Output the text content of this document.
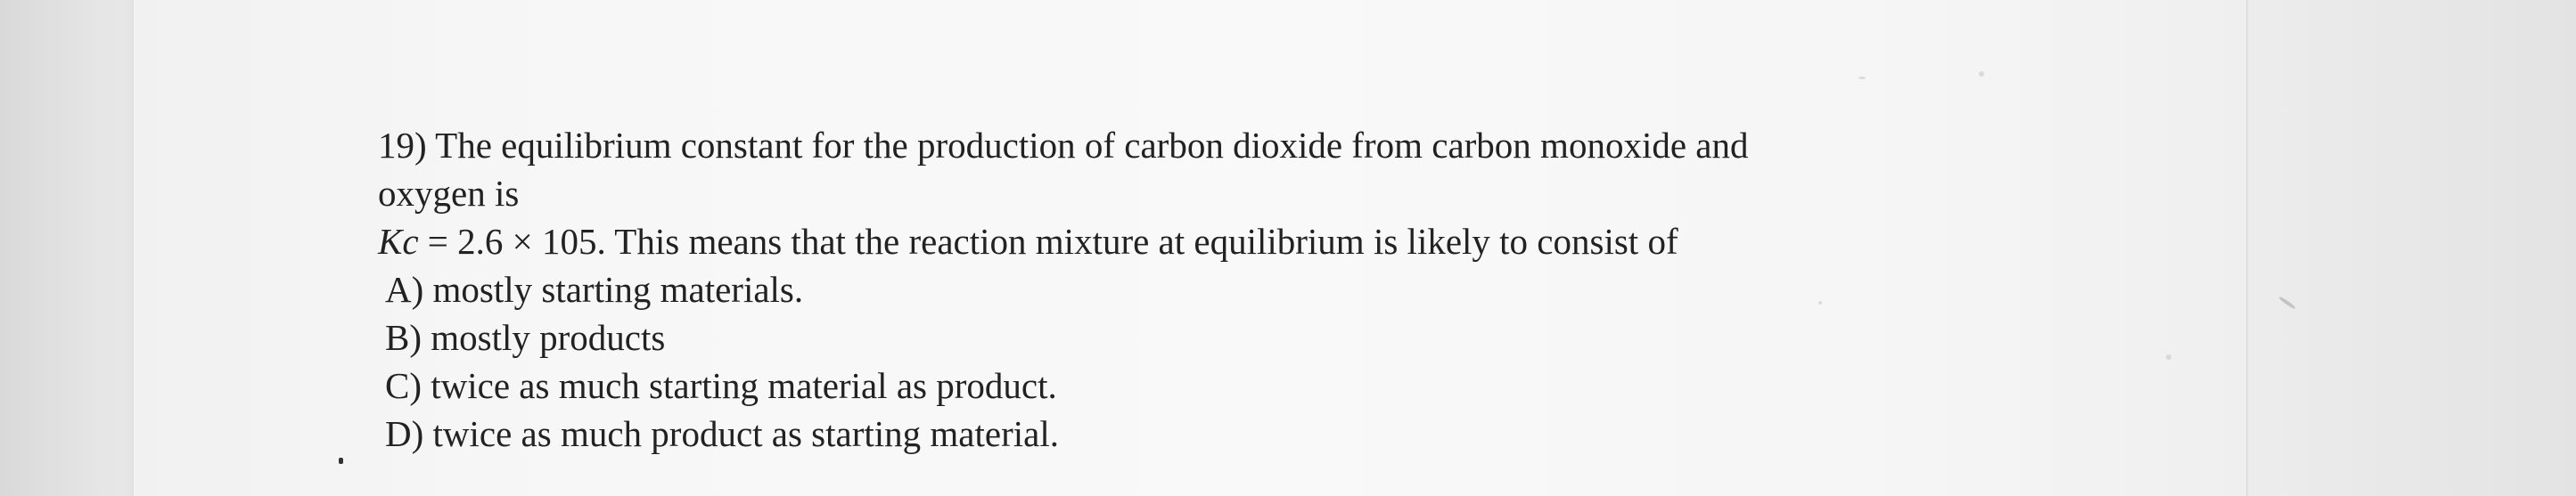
19) The equilibrium constant for the production of carbon dioxide from carbon monoxide and
oxygen is
Kc = 2.6 × 105. This means that the reaction mixture at equilibrium is likely to consist of
A) mostly starting materials.
B) mostly products
C) twice as much starting material as product.
D) twice as much product as starting material.
